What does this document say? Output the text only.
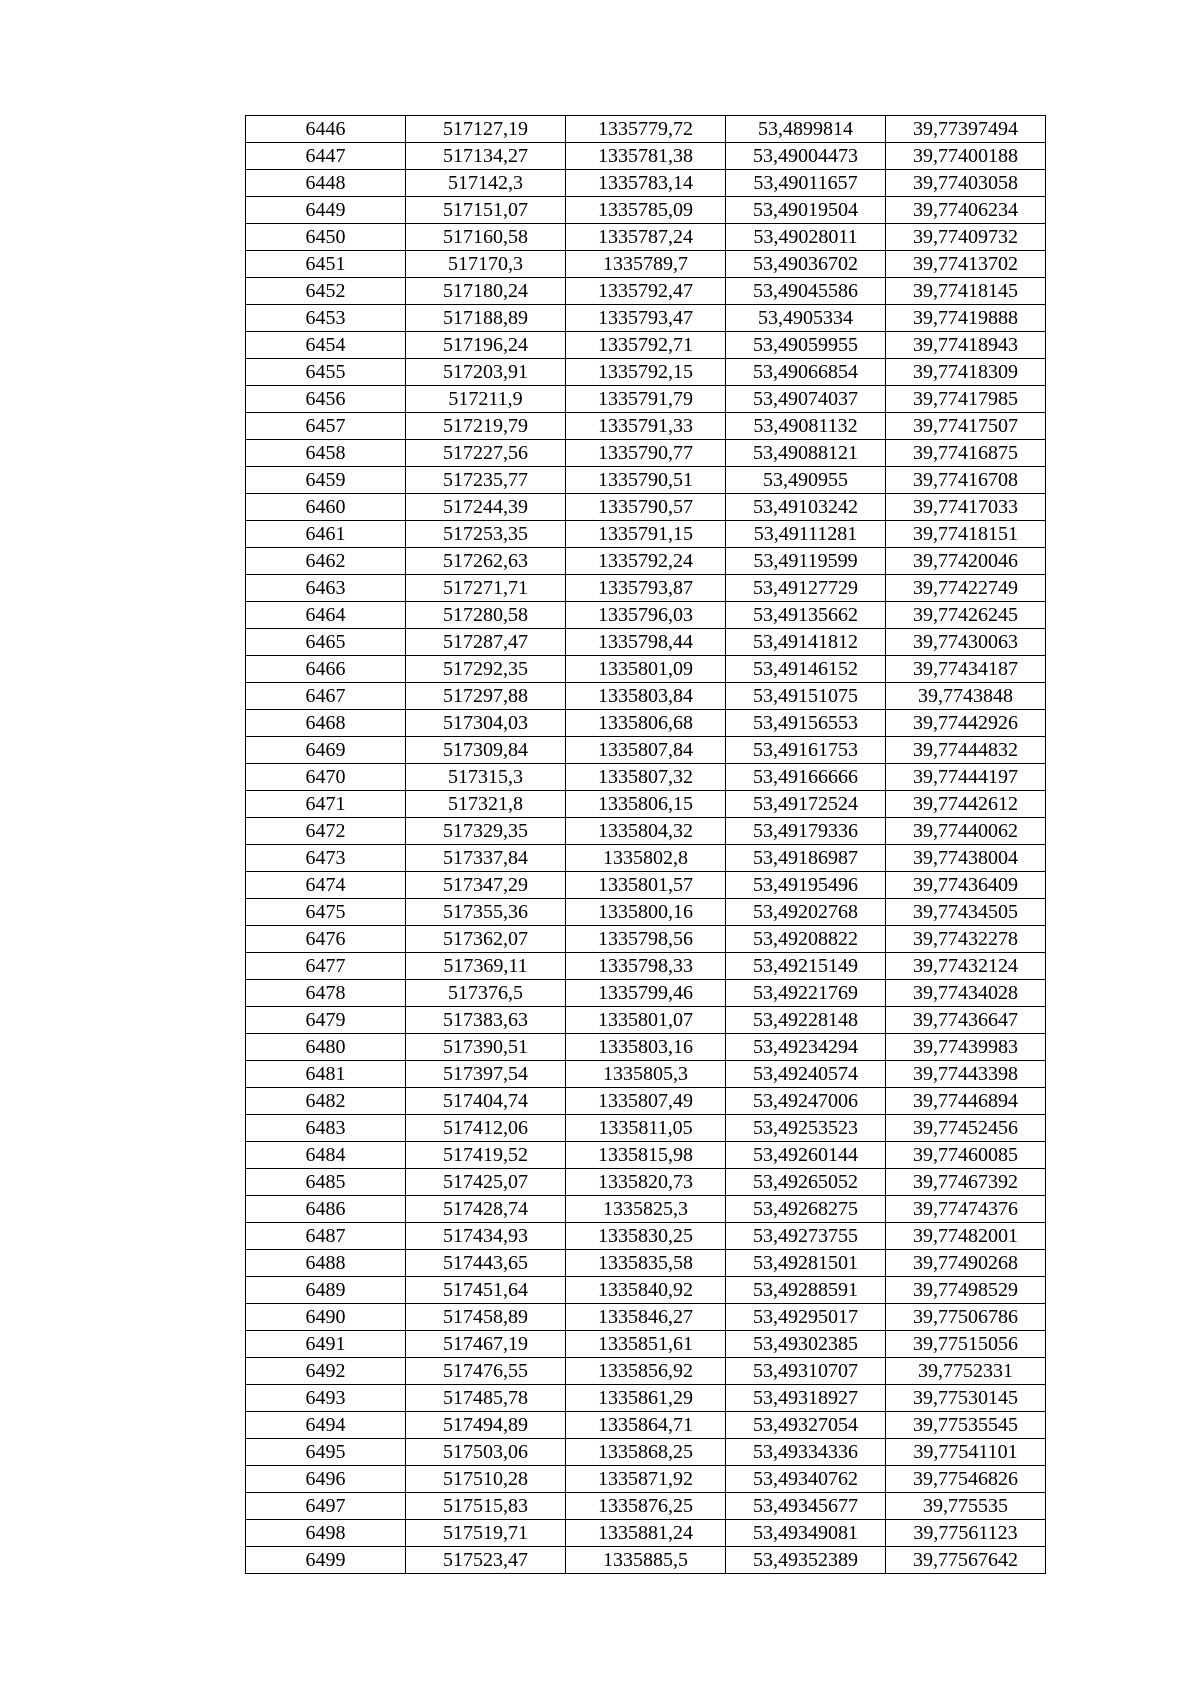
6446	517127,19	1335779,72	53,4899814	39,77397494
6447	517134,27	1335781,38	53,49004473	39,77400188
6448	517142,3	1335783,14	53,49011657	39,77403058
6449	517151,07	1335785,09	53,49019504	39,77406234
6450	517160,58	1335787,24	53,49028011	39,77409732
6451	517170,3	1335789,7	53,49036702	39,77413702
6452	517180,24	1335792,47	53,49045586	39,77418145
6453	517188,89	1335793,47	53,4905334	39,77419888
6454	517196,24	1335792,71	53,49059955	39,77418943
6455	517203,91	1335792,15	53,49066854	39,77418309
6456	517211,9	1335791,79	53,49074037	39,77417985
6457	517219,79	1335791,33	53,49081132	39,77417507
6458	517227,56	1335790,77	53,49088121	39,77416875
6459	517235,77	1335790,51	53,490955	39,77416708
6460	517244,39	1335790,57	53,49103242	39,77417033
6461	517253,35	1335791,15	53,49111281	39,77418151
6462	517262,63	1335792,24	53,49119599	39,77420046
6463	517271,71	1335793,87	53,49127729	39,77422749
6464	517280,58	1335796,03	53,49135662	39,77426245
6465	517287,47	1335798,44	53,49141812	39,77430063
6466	517292,35	1335801,09	53,49146152	39,77434187
6467	517297,88	1335803,84	53,49151075	39,7743848
6468	517304,03	1335806,68	53,49156553	39,77442926
6469	517309,84	1335807,84	53,49161753	39,77444832
6470	517315,3	1335807,32	53,49166666	39,77444197
6471	517321,8	1335806,15	53,49172524	39,77442612
6472	517329,35	1335804,32	53,49179336	39,77440062
6473	517337,84	1335802,8	53,49186987	39,77438004
6474	517347,29	1335801,57	53,49195496	39,77436409
6475	517355,36	1335800,16	53,49202768	39,77434505
6476	517362,07	1335798,56	53,49208822	39,77432278
6477	517369,11	1335798,33	53,49215149	39,77432124
6478	517376,5	1335799,46	53,49221769	39,77434028
6479	517383,63	1335801,07	53,49228148	39,77436647
6480	517390,51	1335803,16	53,49234294	39,77439983
6481	517397,54	1335805,3	53,49240574	39,77443398
6482	517404,74	1335807,49	53,49247006	39,77446894
6483	517412,06	1335811,05	53,49253523	39,77452456
6484	517419,52	1335815,98	53,49260144	39,77460085
6485	517425,07	1335820,73	53,49265052	39,77467392
6486	517428,74	1335825,3	53,49268275	39,77474376
6487	517434,93	1335830,25	53,49273755	39,77482001
6488	517443,65	1335835,58	53,49281501	39,77490268
6489	517451,64	1335840,92	53,49288591	39,77498529
6490	517458,89	1335846,27	53,49295017	39,77506786
6491	517467,19	1335851,61	53,49302385	39,77515056
6492	517476,55	1335856,92	53,49310707	39,7752331
6493	517485,78	1335861,29	53,49318927	39,77530145
6494	517494,89	1335864,71	53,49327054	39,77535545
6495	517503,06	1335868,25	53,49334336	39,77541101
6496	517510,28	1335871,92	53,49340762	39,77546826
6497	517515,83	1335876,25	53,49345677	39,775535
6498	517519,71	1335881,24	53,49349081	39,77561123
6499	517523,47	1335885,5	53,49352389	39,77567642
